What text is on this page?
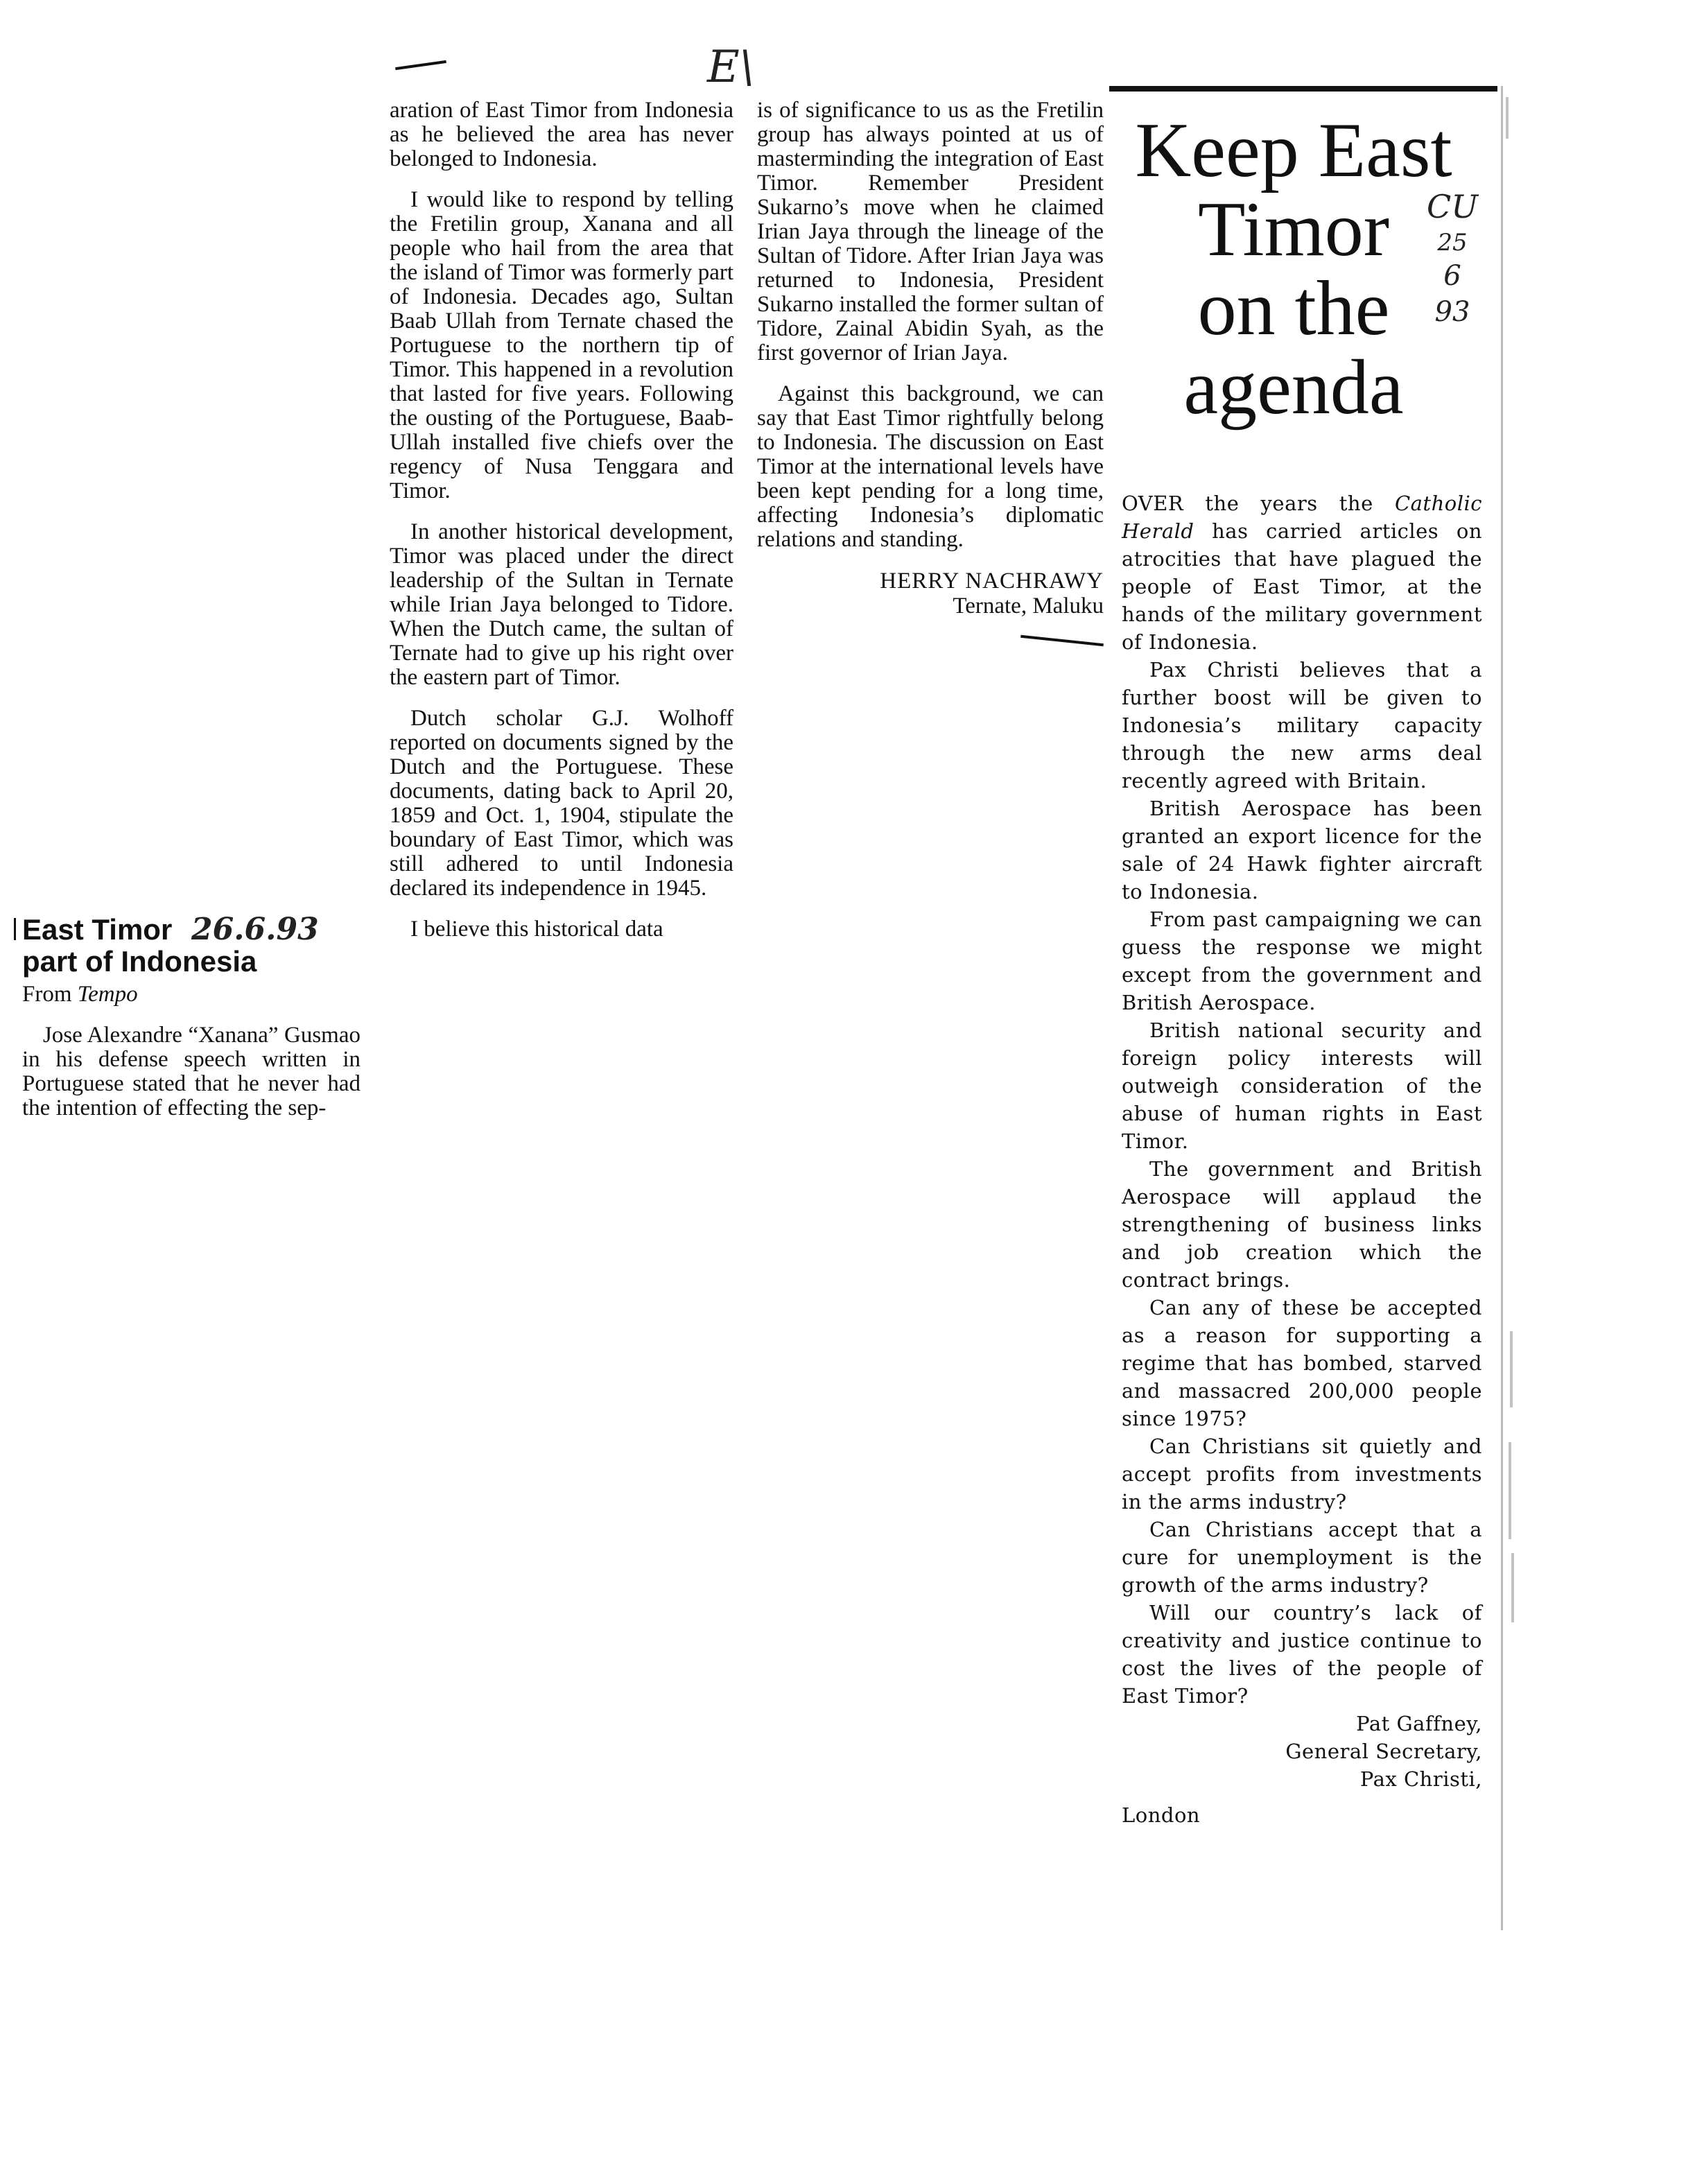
E\

East Timor 26.6.93

part of Indonesia

From Tempo

Jose Alexandre “Xanana” Gusmao in his defense speech written in Portuguese stated that he never had the intention of effecting the sep-

aration of East Timor from Indonesia as he believed the area has never belonged to Indonesia.

I would like to respond by telling the Fretilin group, Xanana and all people who hail from the area that the island of Timor was formerly part of Indonesia. Decades ago, Sultan Baab Ullah from Ternate chased the Portuguese to the northern tip of Timor. This happened in a revolution that lasted for five years. Following the ousting of the Portuguese, Baab-Ullah installed five chiefs over the regency of Nusa Tenggara and Timor.

In another historical development, Timor was placed under the direct leadership of the Sultan in Ternate while Irian Jaya belonged to Tidore. When the Dutch came, the sultan of Ternate had to give up his right over the eastern part of Timor.

Dutch scholar G.J. Wolhoff reported on documents signed by the Dutch and the Portuguese. These documents, dating back to April 20, 1859 and Oct. 1, 1904, stipulate the boundary of East Timor, which was still adhered to until Indonesia declared its independence in 1945.

I believe this historical data

is of significance to us as the Fretilin group has always pointed at us of masterminding the integration of East Timor. Remember President Sukarno’s move when he claimed Irian Jaya through the lineage of the Sultan of Tidore. After Irian Jaya was returned to Indonesia, President Sukarno installed the former sultan of Tidore, Zainal Abidin Syah, as the first governor of Irian Jaya.

Against this background, we can say that East Timor rightfully belong to Indonesia. The discussion on East Timor at the international levels have been kept pending for a long time, affecting Indonesia’s diplomatic relations and standing.

HERRY NACHRAWY
Ternate, Maluku

Keep East

Timor

on the

agenda

CU
25
6
93

OVER the years the Catholic Herald has carried articles on atrocities that have plagued the people of East Timor, at the hands of the military government of Indonesia.

Pax Christi believes that a further boost will be given to Indonesia’s military capacity through the new arms deal recently agreed with Britain.

British Aerospace has been granted an export licence for the sale of 24 Hawk fighter aircraft to Indonesia.

From past campaigning we can guess the response we might except from the government and British Aerospace.

British national security and foreign policy interests will outweigh consideration of the abuse of human rights in East Timor.

The government and British Aerospace will applaud the strengthening of business links and job creation which the contract brings.

Can any of these be accepted as a reason for supporting a regime that has bombed, starved and massacred 200,000 people since 1975?

Can Christians sit quietly and accept profits from investments in the arms industry?

Can Christians accept that a cure for unemployment is the growth of the arms industry?

Will our country’s lack of creativity and justice continue to cost the lives of the people of East Timor?

Pat Gaffney,
General Secretary,
Pax Christi,
London
